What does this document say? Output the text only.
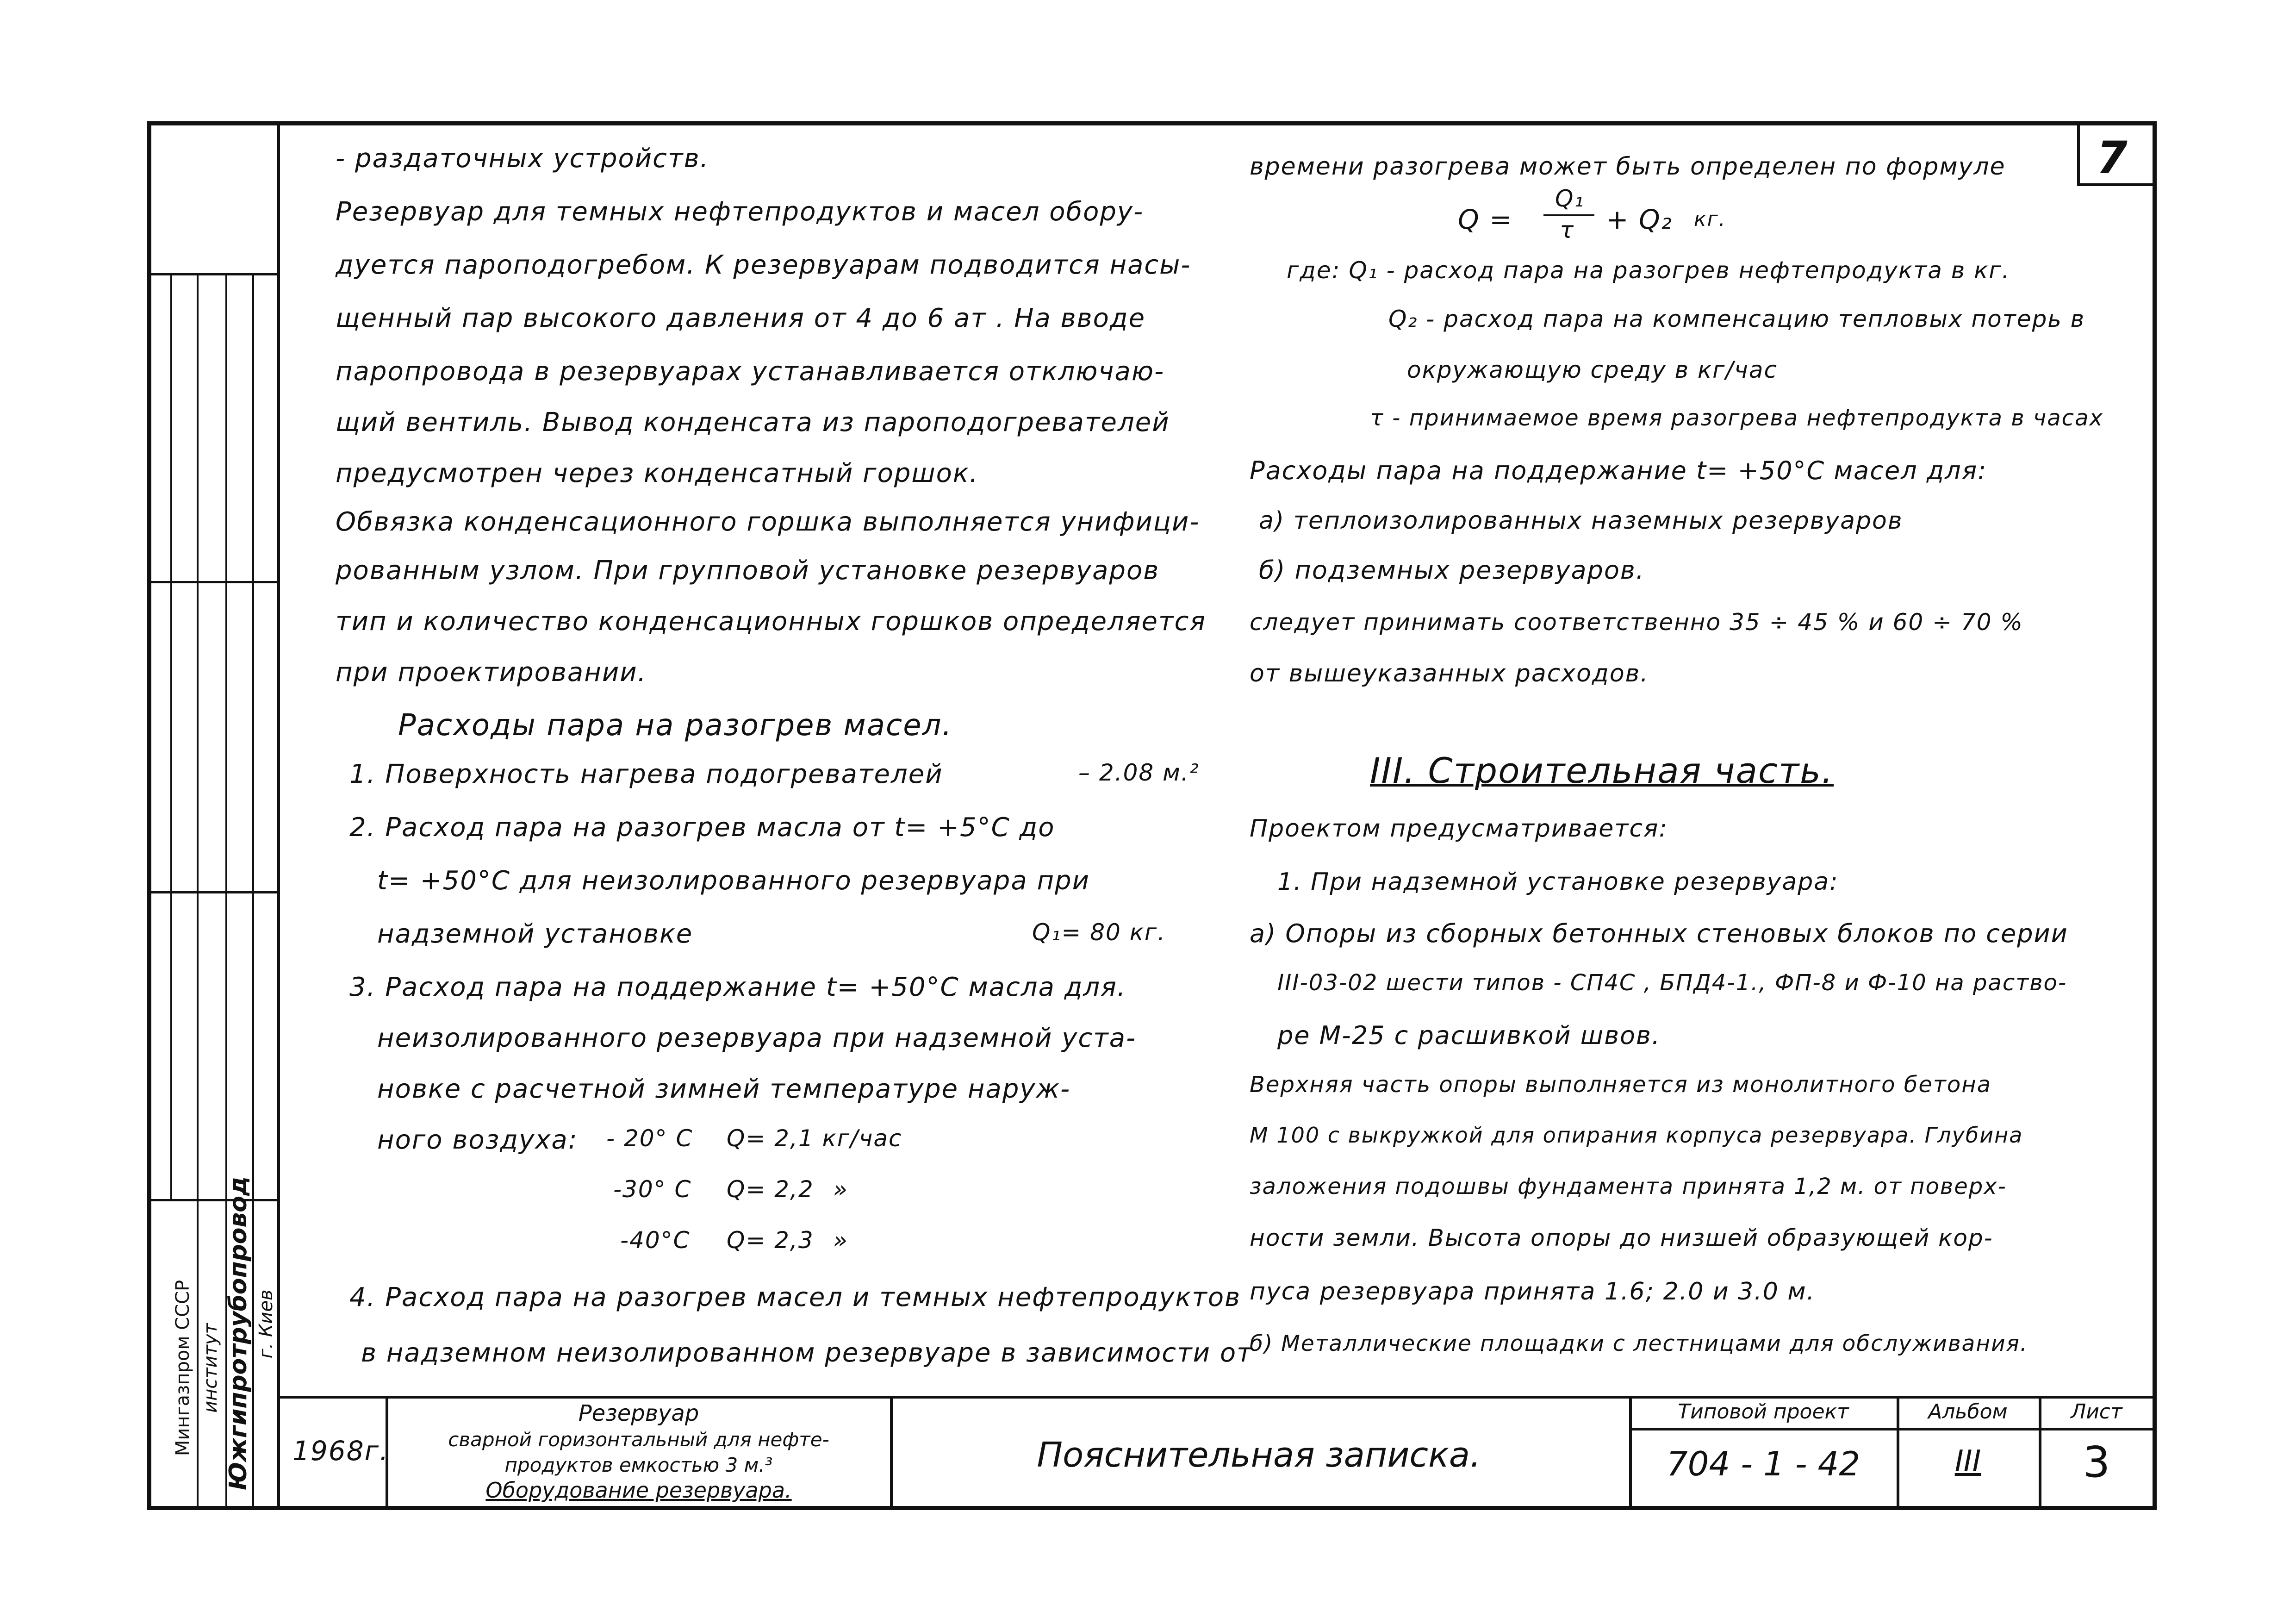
Мингазпром СССР институт Южгипротрубопровод г. Киев
7
- раздаточных устройств.
Резервуар для темных нефтепродуктов и масел обору-
дуется пароподогребом. К резервуарам подводится насы-
щенный пар высокого давления от 4 до 6 ат . На вводе
паропровода в резервуарах устанавливается отключаю-
щий вентиль. Вывод конденсата из пароподогревателей
предусмотрен через конденсатный горшок.
Обвязка конденсационного горшка выполняется унифици-
рованным узлом. При групповой установке резервуаров
тип и количество конденсационных горшков определяется
при проектировании.
Расходы пара на разогрев масел.
1. Поверхность нагрева подогревателей	– 2.08 м.²
2. Расход пара на разогрев масла от t= +5°С до
t= +50°С для неизолированного резервуара при
надземной установке	Q₁= 80 кг.
3. Расход пара на поддержание t= +50°С масла для.
неизолированного резервуара при надземной уста-
новке с расчетной зимней температуре наруж-
ного воздуха: - 20° С Q= 2,1 кг/час
-30° С Q= 2,2 »
-40°С Q= 2,3 »
4. Расход пара на разогрев масел и темных нефтепродуктов
в надземном неизолированном резервуаре в зависимости от
времени разогрева может быть определен по формуле
Q =
Q₁
τ + Q₂ кг.
где: Q₁ - расход пара на разогрев нефтепродукта в кг.
Q₂ - расход пара на компенсацию тепловых потерь в
окружающую среду в кг/час
τ - принимаемое время разогрева нефтепродукта в часах
Расходы пара на поддержание t= +50°С масел для:
а) теплоизолированных наземных резервуаров
б) подземных резервуаров.
следует принимать соответственно 35 ÷ 45 % и 60 ÷ 70 %
от вышеуказанных расходов.
III. Строительная часть.
Проектом предусматривается:
1. При надземной установке резервуара:
а) Опоры из сборных бетонных стеновых блоков по серии
III-03-02 шести типов - СП4С , БПД4-1., ФП-8 и Ф-10 на раство-
ре М-25 с расшивкой швов.
Верхняя часть опоры выполняется из монолитного бетона
М 100 с выкружкой для опирания корпуса резервуара. Глубина
заложения подошвы фундамента принята 1,2 м. от поверх-
ности земли. Высота опоры до низшей образующей кор-
пуса резервуара принята 1.6; 2.0 и 3.0 м.
б) Металлические площадки с лестницами для обслуживания.
1968г.
Резервуар
сварной горизонтальный для нефте-
продуктов емкостью 3 м.³
Оборудование резервуара.
Пояснительная записка.
Типовой проект
704 - 1 - 42
Альбом
III
Лист
3
